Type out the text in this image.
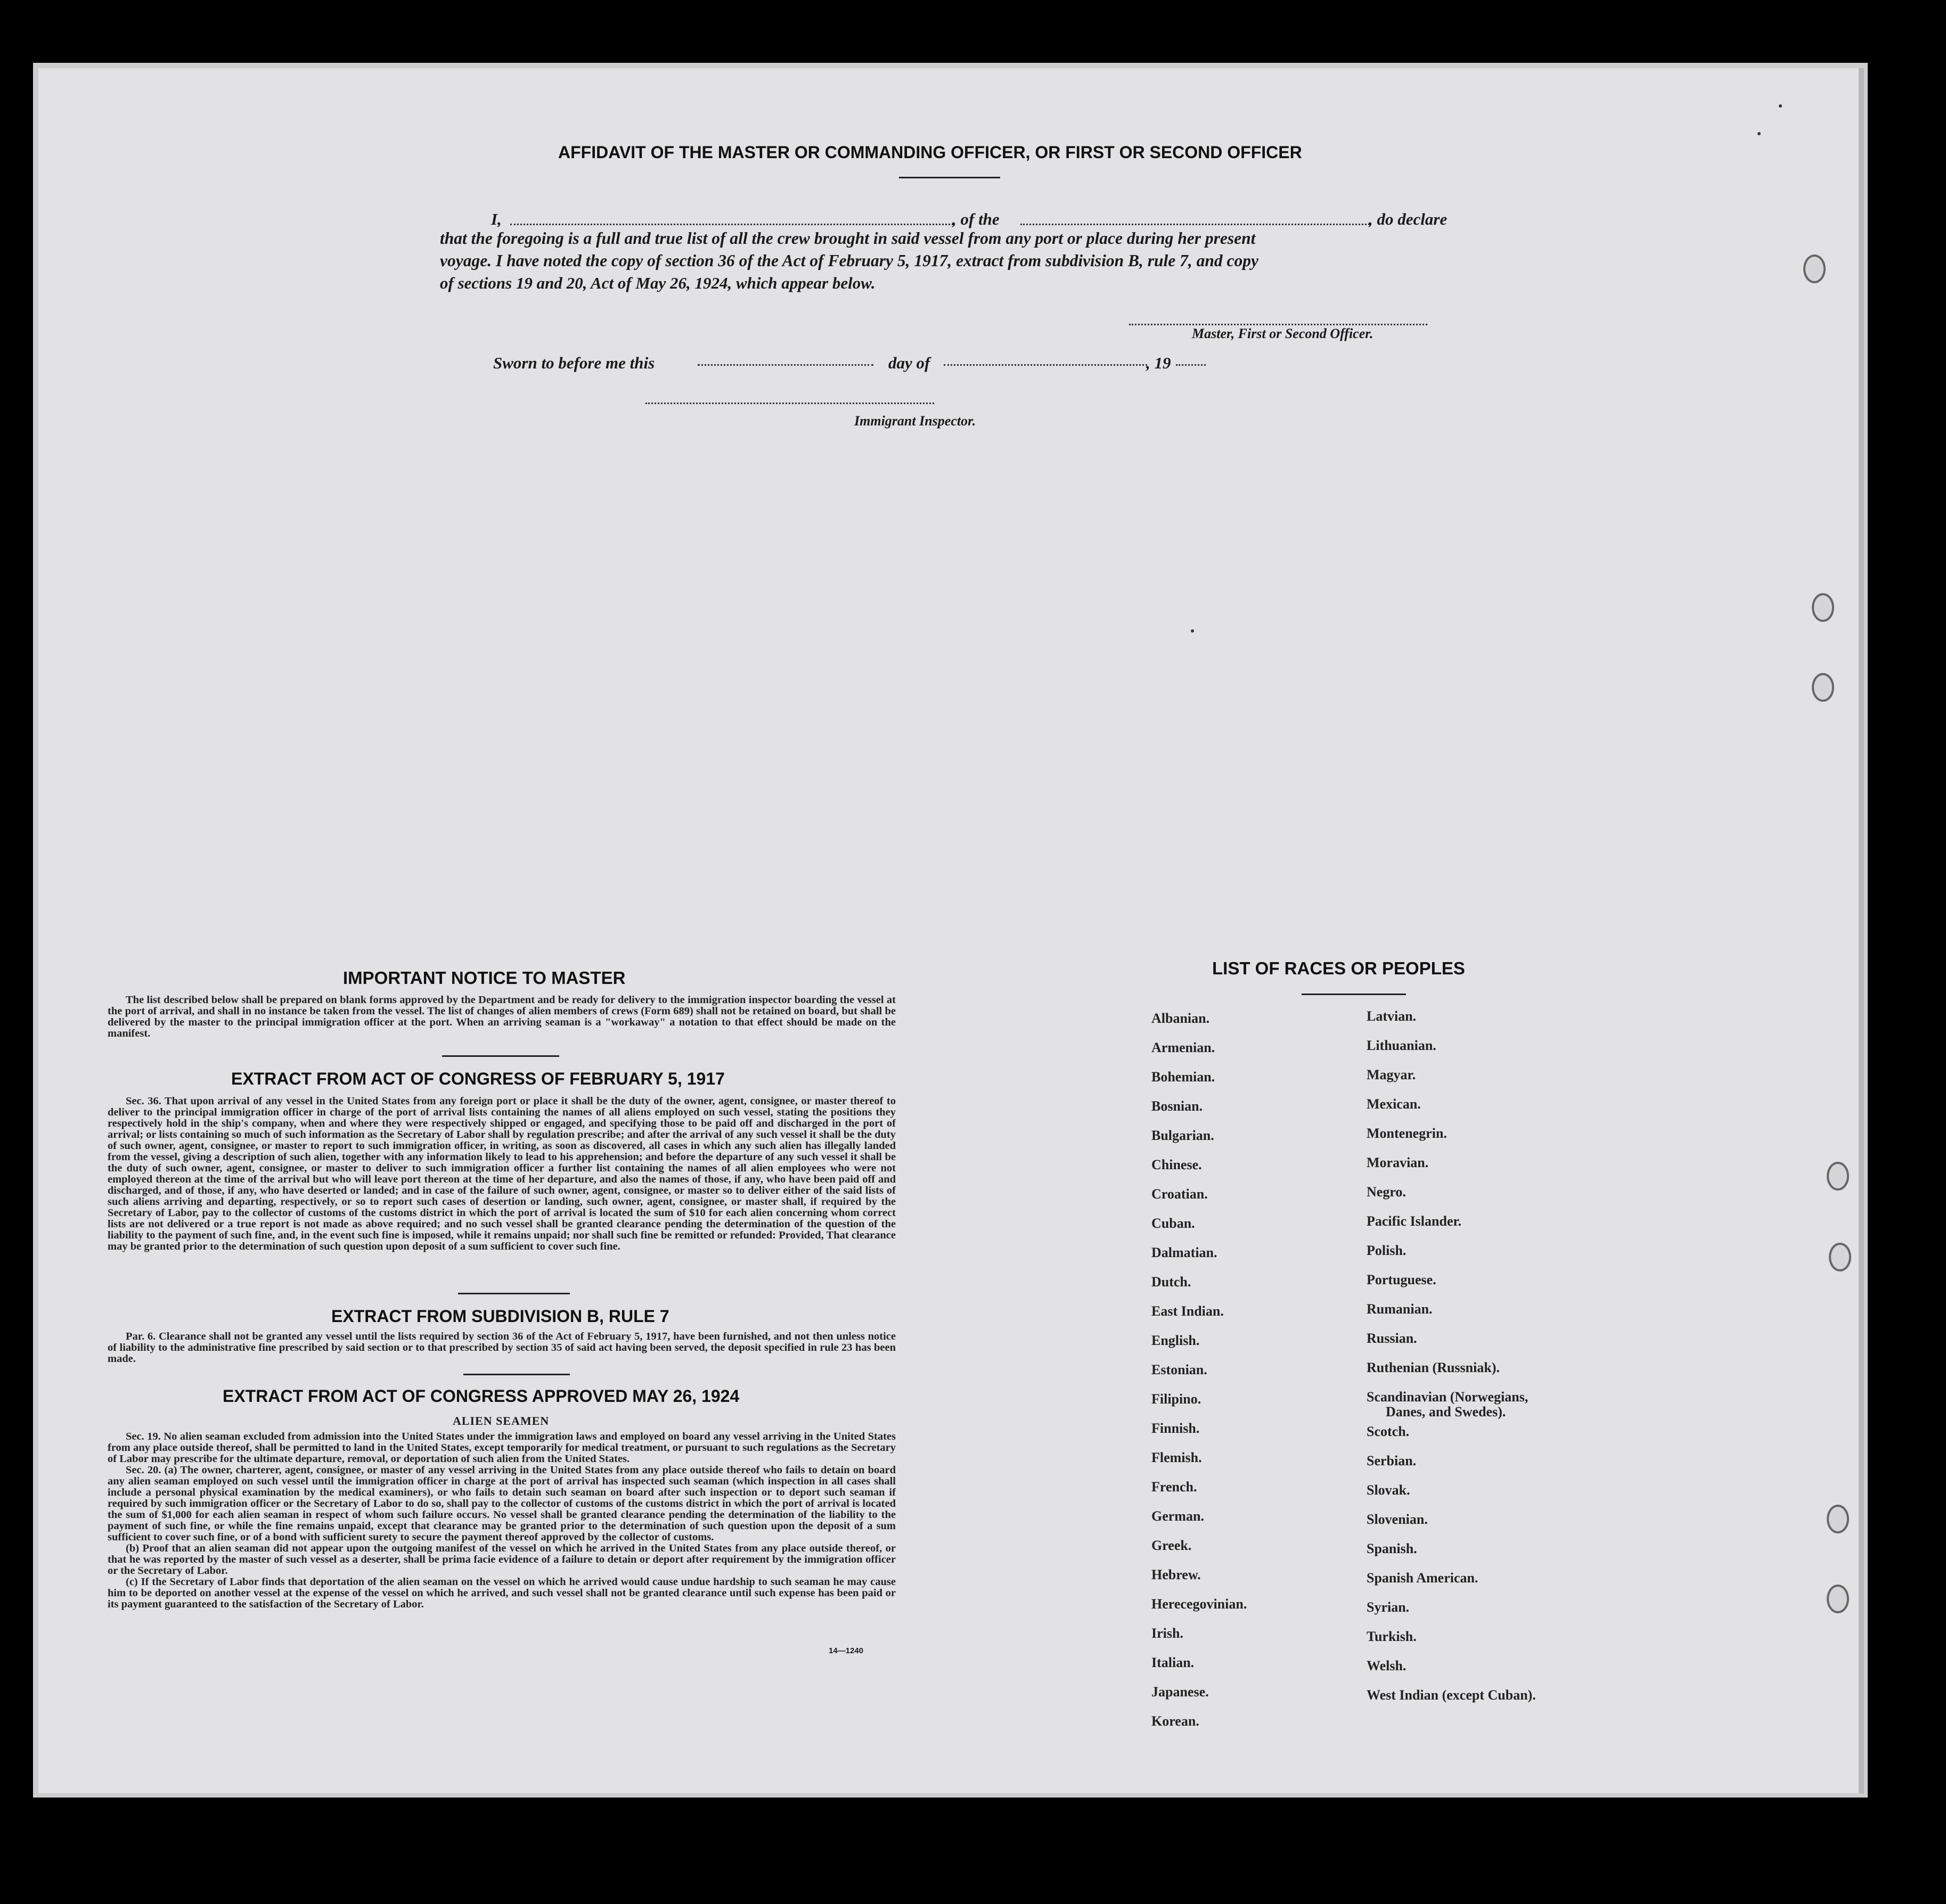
AFFIDAVIT OF THE MASTER OR COMMANDING OFFICER, OR FIRST OR SECOND OFFICER
I,	, of the	, do declare
that the foregoing is a full and true list of all the crew brought in said vessel from any port or place during her present
voyage. I have noted the copy of section 36 of the Act of February 5, 1917, extract from subdivision B, rule 7, and copy
of sections 19 and 20, Act of May 26, 1924, which appear below.
Master, First or Second Officer.
Sworn to before me this	day of	, 19
Immigrant Inspector.
IMPORTANT NOTICE TO MASTER

The list described below shall be prepared on blank forms approved by the Department and be ready for delivery to the immigration inspector boarding the vessel at the port of arrival, and shall in no instance be taken from the vessel. The list of changes of alien members of crews (Form 689) shall not be retained on board, but shall be delivered by the master to the principal immigration officer at the port. When an arriving seaman is a "workaway" a notation to that effect should be made on the manifest.

EXTRACT FROM ACT OF CONGRESS OF FEBRUARY 5, 1917

Sec. 36. That upon arrival of any vessel in the United States from any foreign port or place it shall be the duty of the owner, agent, consignee, or master thereof to deliver to the principal immigration officer in charge of the port of arrival lists containing the names of all aliens employed on such vessel, stating the positions they respectively hold in the ship's company, when and where they were respectively shipped or engaged, and specifying those to be paid off and discharged in the port of arrival; or lists containing so much of such information as the Secretary of Labor shall by regulation prescribe; and after the arrival of any such vessel it shall be the duty of such owner, agent, consignee, or master to report to such immigration officer, in writing, as soon as discovered, all cases in which any such alien has illegally landed from the vessel, giving a description of such alien, together with any information likely to lead to his apprehension; and before the departure of any such vessel it shall be the duty of such owner, agent, consignee, or master to deliver to such immigration officer a further list containing the names of all alien employees who were not employed thereon at the time of the arrival but who will leave port thereon at the time of her departure, and also the names of those, if any, who have been paid off and discharged, and of those, if any, who have deserted or landed; and in case of the failure of such owner, agent, consignee, or master so to deliver either of the said lists of such aliens arriving and departing, respectively, or so to report such cases of desertion or landing, such owner, agent, consignee, or master shall, if required by the Secretary of Labor, pay to the collector of customs of the customs district in which the port of arrival is located the sum of $10 for each alien concerning whom correct lists are not delivered or a true report is not made as above required; and no such vessel shall be granted clearance pending the determination of the question of the liability to the payment of such fine, and, in the event such fine is imposed, while it remains unpaid; nor shall such fine be remitted or refunded: Provided, That clearance may be granted prior to the determination of such question upon deposit of a sum sufficient to cover such fine.

EXTRACT FROM SUBDIVISION B, RULE 7

Par. 6. Clearance shall not be granted any vessel until the lists required by section 36 of the Act of February 5, 1917, have been furnished, and not then unless notice of liability to the administrative fine prescribed by said section or to that prescribed by section 35 of said act having been served, the deposit specified in rule 23 has been made.

EXTRACT FROM ACT OF CONGRESS APPROVED MAY 26, 1924
ALIEN SEAMEN

Sec. 19. No alien seaman excluded from admission into the United States under the immigration laws and employed on board any vessel arriving in the United States from any place outside thereof, shall be permitted to land in the United States, except temporarily for medical treatment, or pursuant to such regulations as the Secretary of Labor may prescribe for the ultimate departure, removal, or deportation of such alien from the United States.

Sec. 20. (a) The owner, charterer, agent, consignee, or master of any vessel arriving in the United States from any place outside thereof who fails to detain on board any alien seaman employed on such vessel until the immigration officer in charge at the port of arrival has inspected such seaman (which inspection in all cases shall include a personal physical examination by the medical examiners), or who fails to detain such seaman on board after such inspection or to deport such seaman if required by such immigration officer or the Secretary of Labor to do so, shall pay to the collector of customs of the customs district in which the port of arrival is located the sum of $1,000 for each alien seaman in respect of whom such failure occurs. No vessel shall be granted clearance pending the determination of the liability to the payment of such fine, or while the fine remains unpaid, except that clearance may be granted prior to the determination of such question upon the deposit of a sum sufficient to cover such fine, or of a bond with sufficient surety to secure the payment thereof approved by the collector of customs.

(b) Proof that an alien seaman did not appear upon the outgoing manifest of the vessel on which he arrived in the United States from any place outside thereof, or that he was reported by the master of such vessel as a deserter, shall be prima facie evidence of a failure to detain or deport after requirement by the immigration officer or the Secretary of Labor.

(c) If the Secretary of Labor finds that deportation of the alien seaman on the vessel on which he arrived would cause undue hardship to such seaman he may cause him to be deported on another vessel at the expense of the vessel on which he arrived, and such vessel shall not be granted clearance until such expense has been paid or its payment guaranteed to the satisfaction of the Secretary of Labor.

14—1240
LIST OF RACES OR PEOPLES
Albanian.
Armenian.
Bohemian.
Bosnian.
Bulgarian.
Chinese.
Croatian.
Cuban.
Dalmatian.
Dutch.
East Indian.
English.
Estonian.
Filipino.
Finnish.
Flemish.
French.
German.
Greek.
Hebrew.
Herecegovinian.
Irish.
Italian.
Japanese.
Korean.
Latvian.
Lithuanian.
Magyar.
Mexican.
Montenegrin.
Moravian.
Negro.
Pacific Islander.
Polish.
Portuguese.
Rumanian.
Russian.
Ruthenian (Russniak).
Scandinavian (Norwegians,
Danes, and Swedes).
Scotch.
Serbian.
Slovak.
Slovenian.
Spanish.
Spanish American.
Syrian.
Turkish.
Welsh.
West Indian (except Cuban).
